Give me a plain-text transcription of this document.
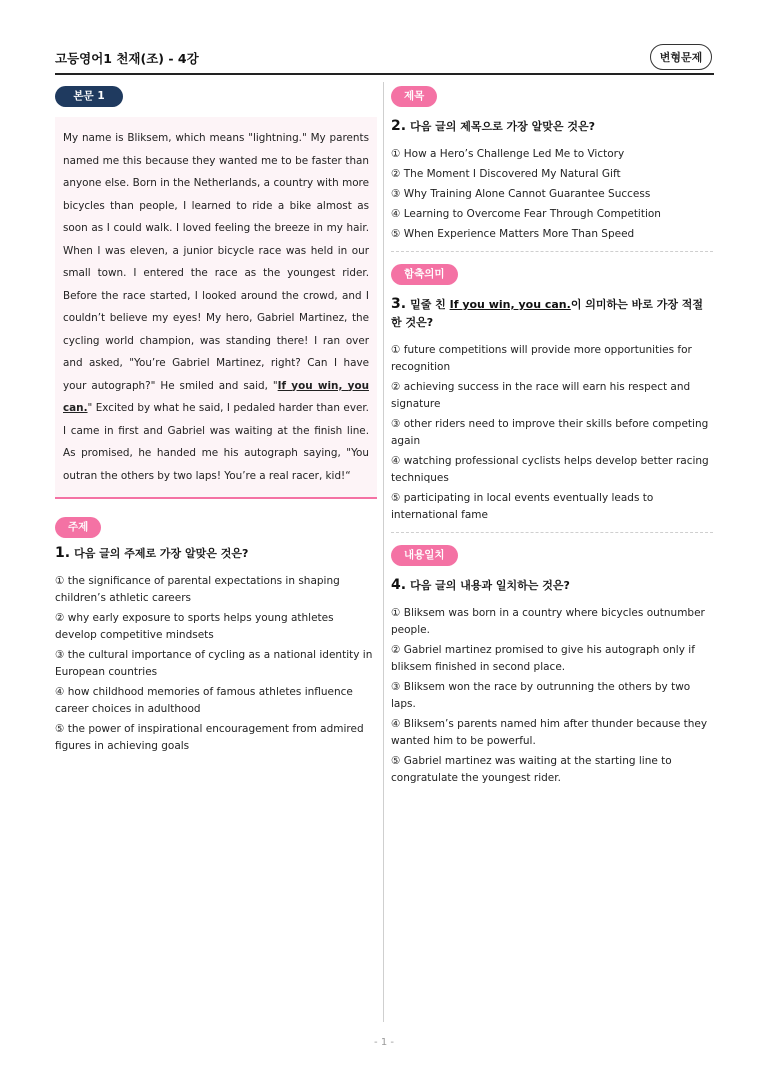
고등영어1 천재(조) - 4강	변형문제
본문 1
My name is Bliksem, which means "lightning." My parents named me this because they wanted me to be faster than anyone else. Born in the Netherlands, a country with more bicycles than people, I learned to ride a bike almost as soon as I could walk. I loved feeling the breeze in my hair. When I was eleven, a junior bicycle race was held in our small town. I entered the race as the youngest rider. Before the race started, I looked around the crowd, and I couldn’t believe my eyes! My hero, Gabriel Martinez, the cycling world champion, was standing there! I ran over and asked, "You’re Gabriel Martinez, right? Can I have your autograph?" He smiled and said, "If you win, you can." Excited by what he said, I pedaled harder than ever. I came in first and Gabriel was waiting at the finish line. As promised, he handed me his autograph saying, "You outran the others by two laps! You’re a real racer, kid!“
주제
1. 다음 글의 주제로 가장 알맞은 것은?
① the significance of parental expectations in shaping children’s athletic careers
② why early exposure to sports helps young athletes develop competitive mindsets
③ the cultural importance of cycling as a national identity in European countries
④ how childhood memories of famous athletes influence career choices in adulthood
⑤ the power of inspirational encouragement from admired figures in achieving goals
제목
2. 다음 글의 제목으로 가장 알맞은 것은?
① How a Hero’s Challenge Led Me to Victory
② The Moment I Discovered My Natural Gift
③ Why Training Alone Cannot Guarantee Success
④ Learning to Overcome Fear Through Competition
⑤ When Experience Matters More Than Speed
함축의미
3. 밑줄 친 If you win, you can.이 의미하는 바로 가장 적절한 것은?
① future competitions will provide more opportunities for recognition
② achieving success in the race will earn his respect and signature
③ other riders need to improve their skills before competing again
④ watching professional cyclists helps develop better racing techniques
⑤ participating in local events eventually leads to international fame
내용일치
4. 다음 글의 내용과 일치하는 것은?
① Bliksem was born in a country where bicycles outnumber people.
② Gabriel martinez promised to give his autograph only if bliksem finished in second place.
③ Bliksem won the race by outrunning the others by two laps.
④ Bliksem’s parents named him after thunder because they wanted him to be powerful.
⑤ Gabriel martinez was waiting at the starting line to congratulate the youngest rider.
- 1 -
